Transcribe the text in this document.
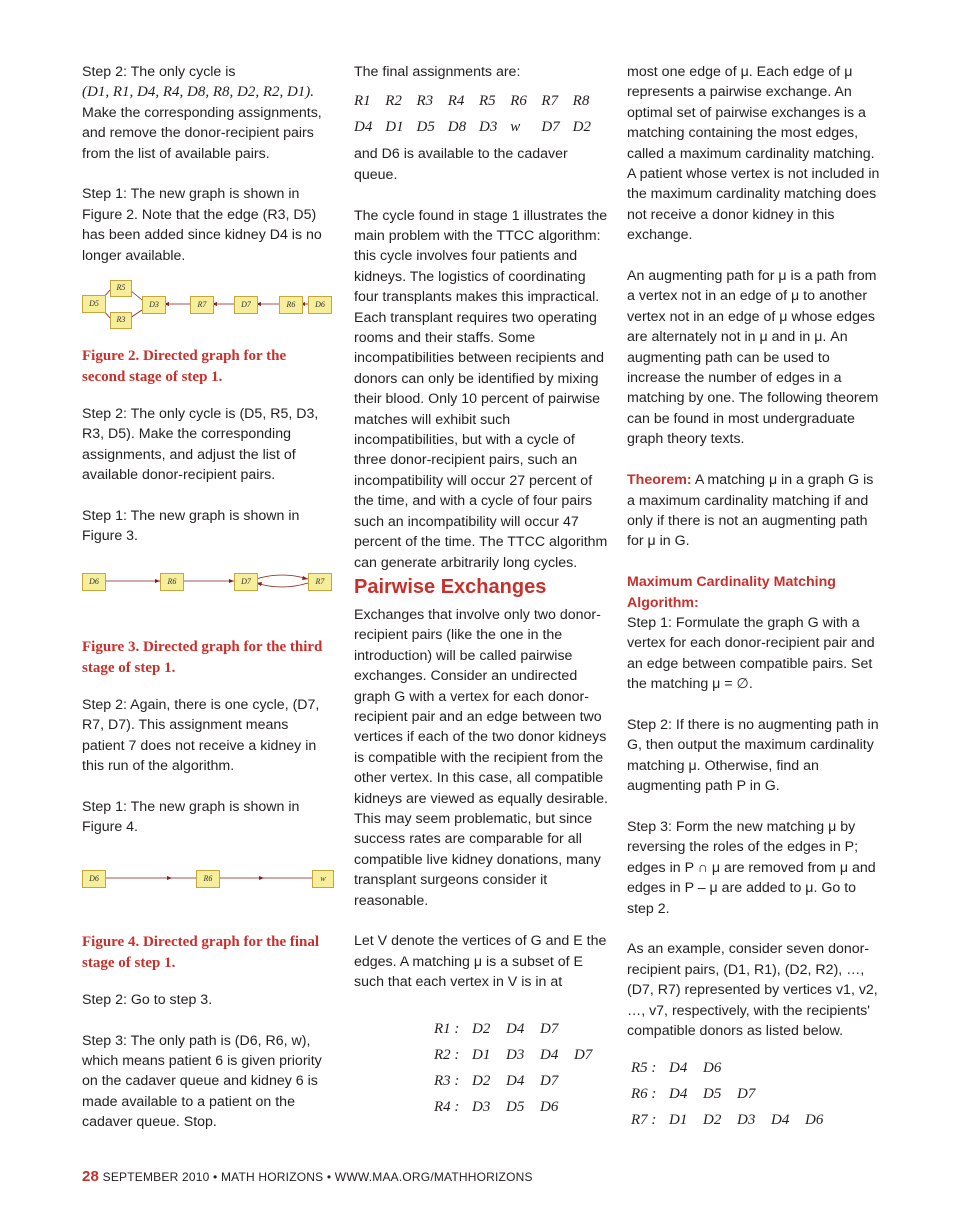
Step 2: The only cycle is
(D1, R1, D4, R4, D8, R8, D2, R2, D1).
Make the corresponding assignments, and remove the donor-recipient pairs from the list of available pairs.

Step 1: The new graph is shown in Figure 2. Note that the edge (R3, D5) has been added since kidney D4 is no longer available.

D5
R5
R3
D3	R7	D7	R6	D6

Figure 2. Directed graph for the second stage of step 1.

Step 2: The only cycle is (D5, R5, D3, R3, D5). Make the corresponding assignments, and adjust the list of available donor-recipient pairs.

Step 1: The new graph is shown in Figure 3.

D6	R6	D7	R7

Figure 3. Directed graph for the third stage of step 1.

Step 2: Again, there is one cycle, (D7, R7, D7). This assignment means patient 7 does not receive a kidney in this run of the algorithm.

Step 1: The new graph is shown in Figure 4.

D6	R6	w

Figure 4. Directed graph for the final stage of step 1.

Step 2: Go to step 3.

Step 3: The only path is (D6, R6, w), which means patient 6 is given priority on the cadaver queue and kidney 6 is made available to a patient on the cadaver queue. Stop.

The final assignments are:

R1	R2	R3	R4	R5	R6	R7	R8
D4	D1	D5	D8	D3	w	D7	D2

and D6 is available to the cadaver queue.

The cycle found in stage 1 illustrates the main problem with the TTCC algorithm: this cycle involves four patients and kidneys. The logistics of coordinating four transplants makes this impractical. Each transplant requires two operating rooms and their staffs. Some incompatibilities between recipients and donors can only be identified by mixing their blood. Only 10 percent of pairwise matches will exhibit such incompatibilities, but with a cycle of three donor-recipient pairs, such an incompatibility will occur 27 percent of the time, and with a cycle of four pairs such an incompatibility will occur 47 percent of the time. The TTCC algorithm can generate arbitrarily long cycles.

Pairwise Exchanges

Exchanges that involve only two donor-recipient pairs (like the one in the introduction) will be called pairwise exchanges. Consider an undirected graph G with a vertex for each donor-recipient pair and an edge between two vertices if each of the two donor kidneys is compatible with the recipient from the other vertex. In this case, all compatible kidneys are viewed as equally desirable. This may seem problematic, but since success rates are comparable for all compatible live kidney donations, many transplant surgeons consider it reasonable.

Let V denote the vertices of G and E the edges. A matching μ is a subset of E such that each vertex in V is in at

R1 :	D2	D4	D7	
R2 :	D1	D3	D4	D7
R3 :	D2	D4	D7	
R4 :	D3	D5	D6	

most one edge of μ. Each edge of μ represents a pairwise exchange. An optimal set of pairwise exchanges is a matching containing the most edges, called a maximum cardinality matching. A patient whose vertex is not included in the maximum cardinality matching does not receive a donor kidney in this exchange.

An augmenting path for μ is a path from a vertex not in an edge of μ to another vertex not in an edge of μ whose edges are alternately not in μ and in μ. An augmenting path can be used to increase the number of edges in a matching by one. The following theorem can be found in most undergraduate graph theory texts.

Theorem: A matching μ in a graph G is a maximum cardinality matching if and only if there is not an augmenting path for μ in G.

Maximum Cardinality Matching Algorithm:

Step 1: Formulate the graph G with a vertex for each donor-recipient pair and an edge between compatible pairs. Set the matching μ = ∅.

Step 2: If there is no augmenting path in G, then output the maximum cardinality matching μ. Otherwise, find an augmenting path P in G.

Step 3: Form the new matching μ by reversing the roles of the edges in P; edges in P ∩ μ are removed from μ and edges in P – μ are added to μ. Go to step 2.

As an example, consider seven donor-recipient pairs, (D1, R1), (D2, R2), …, (D7, R7) represented by vertices v1, v2, …, v7, respectively, with the recipients' compatible donors as listed below.

R5 :	D4	D6			
R6 :	D4	D5	D7		
R7 :	D1	D2	D3	D4	D6
28 SEPTEMBER 2010 • MATH HORIZONS • WWW.MAA.ORG/MATHHORIZONS
